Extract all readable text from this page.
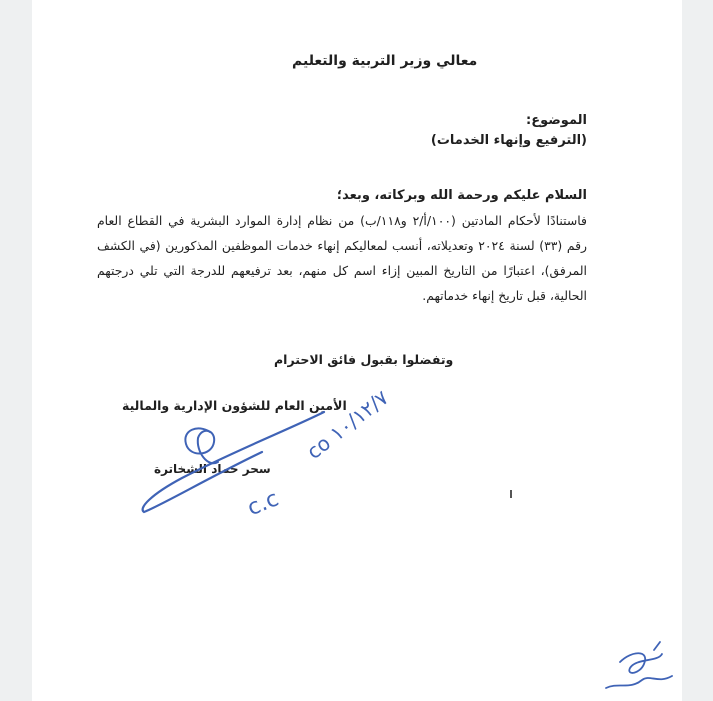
معالي وزير التربية والتعليم
الموضوع:
(الترفيع وإنهاء الخدمات)
السلام عليكم ورحمة الله وبركاته، وبعد؛
فاستنادًا لأحكام المادتين (١٠٠/أ/٢ و١١٨/ب) من نظام إدارة الموارد البشرية في القطاع العام رقم (٣٣) لسنة ٢٠٢٤ وتعديلاته، أنسب لمعاليكم إنهاء خدمات الموظفين المذكورين (في الكشف المرفق)، اعتبارًا من التاريخ المبين إزاء اسم كل منهم، بعد ترفيعهم للدرجة التي تلي درجتهم الحالية، قبل تاريخ إنهاء خدماتهم.
وتفضلوا بقبول فائق الاحترام
الأمين العام للشؤون الإدارية والمالية
سحر حماد الشخاترة
co ١٠/١٢/٧
c.c
